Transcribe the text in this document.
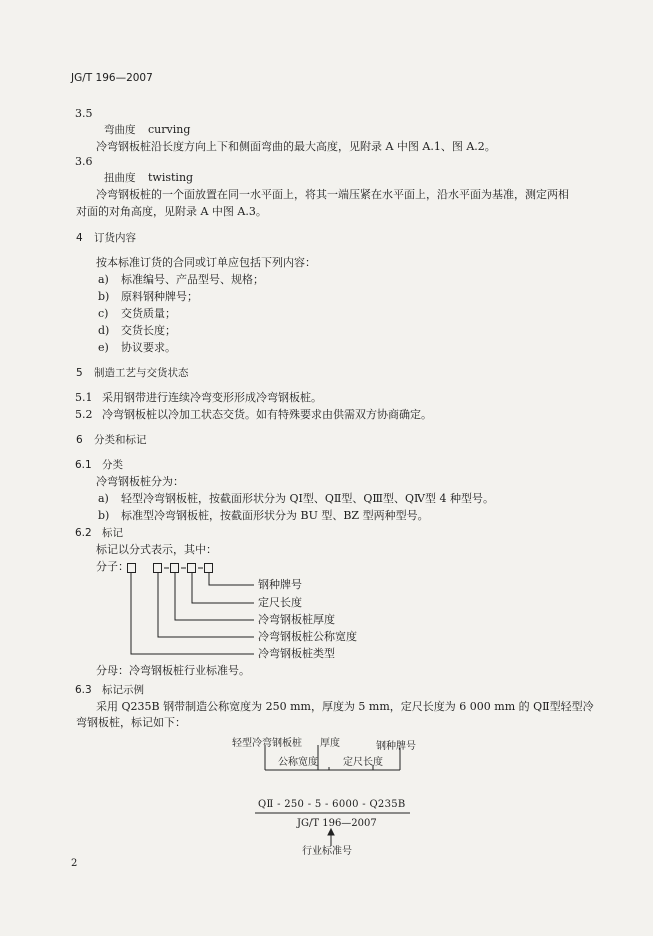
JG/T 196—2007
3.5
弯曲度 curving
冷弯钢板桩沿长度方向上下和侧面弯曲的最大高度，见附录 A 中图 A.1、图 A.2。
3.6
扭曲度 twisting
冷弯钢板桩的一个面放置在同一水平面上，将其一端压紧在水平面上，沿水平面为基准，测定两相
对面的对角高度，见附录 A 中图 A.3。
4 订货内容
按本标准订货的合同或订单应包括下列内容：
a) 标准编号、产品型号、规格；
b) 原料钢种牌号；
c) 交货质量；
d) 交货长度；
e) 协议要求。
5 制造工艺与交货状态
5.1 采用钢带进行连续冷弯变形形成冷弯钢板桩。
5.2 冷弯钢板桩以冷加工状态交货。如有特殊要求由供需双方协商确定。
6 分类和标记
6.1 分类
冷弯钢板桩分为：
a) 轻型冷弯钢板桩，按截面形状分为 QⅠ型、QⅡ型、QⅢ型、QⅣ型 4 种型号。
b) 标准型冷弯钢板桩，按截面形状分为 BU 型、BZ 型两种型号。
6.2 标记
标记以分式表示，其中：
分子：
钢种牌号
定尺长度
冷弯钢板桩厚度
冷弯钢板桩公称宽度
冷弯钢板桩类型
分母：冷弯钢板桩行业标准号。
6.3 标记示例
采用 Q235B 钢带制造公称宽度为 250 mm，厚度为 5 mm，定尺长度为 6 000 mm 的 QⅡ型轻型冷
弯钢板桩，标记如下：
轻型冷弯钢板桩 厚度	钢种牌号
公称宽度	定尺长度
QⅡ - 250 - 5 - 6000 - Q235B
JG/T 196—2007
行业标准号
2
